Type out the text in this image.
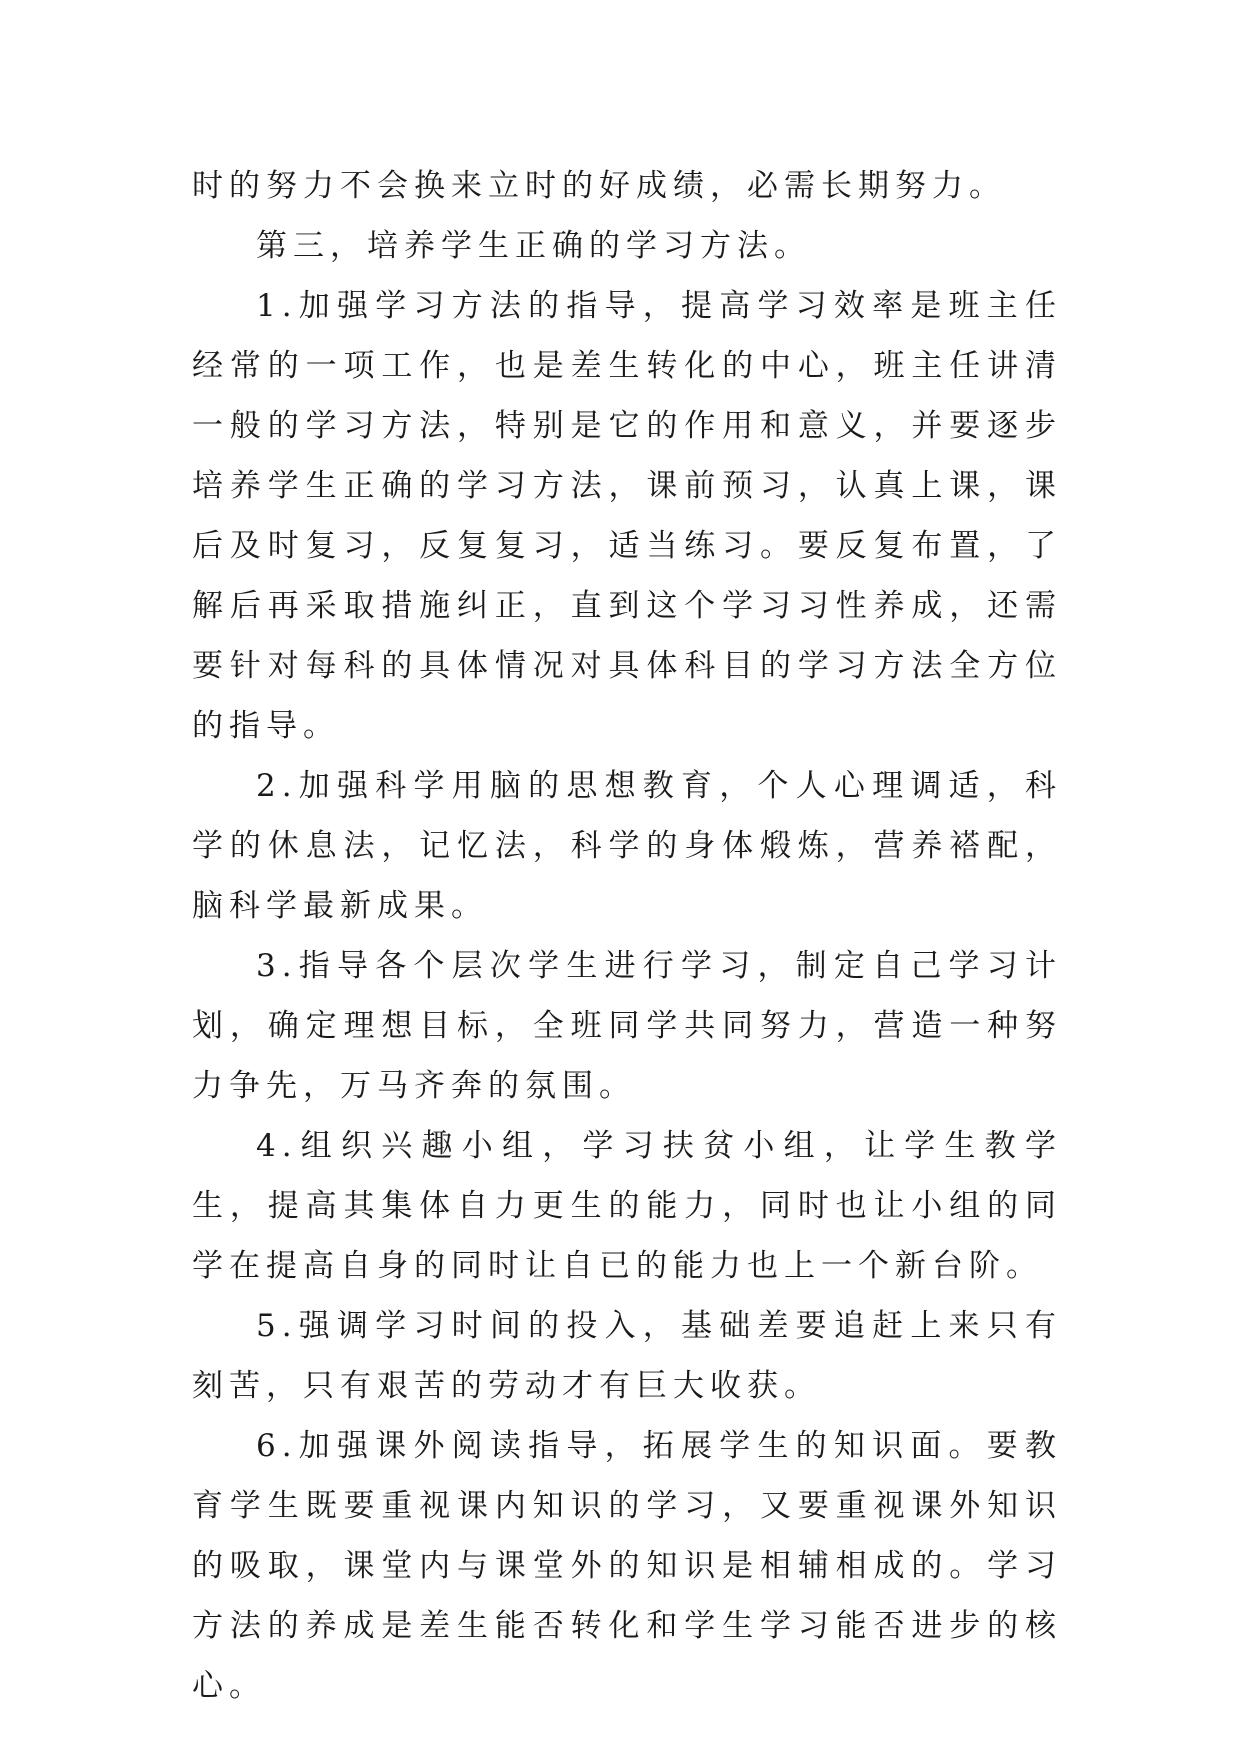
时的努力不会换来立时的好成绩，必需长期努力。

第三，培养学生正确的学习方法。

1.加强学习方法的指导，提高学习效率是班主任经常的一项工作，也是差生转化的中心，班主任讲清一般的学习方法，特别是它的作用和意义，并要逐步培养学生正确的学习方法，课前预习，认真上课，课后及时复习，反复复习，适当练习。要反复布置，了解后再采取措施纠正，直到这个学习习性养成，还需要针对每科的具体情况对具体科目的学习方法全方位的指导。

2.加强科学用脑的思想教育，个人心理调适，科学的休息法，记忆法，科学的身体煅炼，营养褡配，脑科学最新成果。

3.指导各个层次学生进行学习，制定自己学习计划，确定理想目标，全班同学共同努力，营造一种努力争先，万马齐奔的氛围。

4.组织兴趣小组，学习扶贫小组，让学生教学生，提高其集体自力更生的能力，同时也让小组的同学在提高自身的同时让自已的能力也上一个新台阶。

5.强调学习时间的投入，基础差要追赶上来只有刻苦，只有艰苦的劳动才有巨大收获。

6.加强课外阅读指导，拓展学生的知识面。要教育学生既要重视课内知识的学习，又要重视课外知识的吸取，课堂内与课堂外的知识是相辅相成的。学习方法的养成是差生能否转化和学生学习能否进步的核心。
